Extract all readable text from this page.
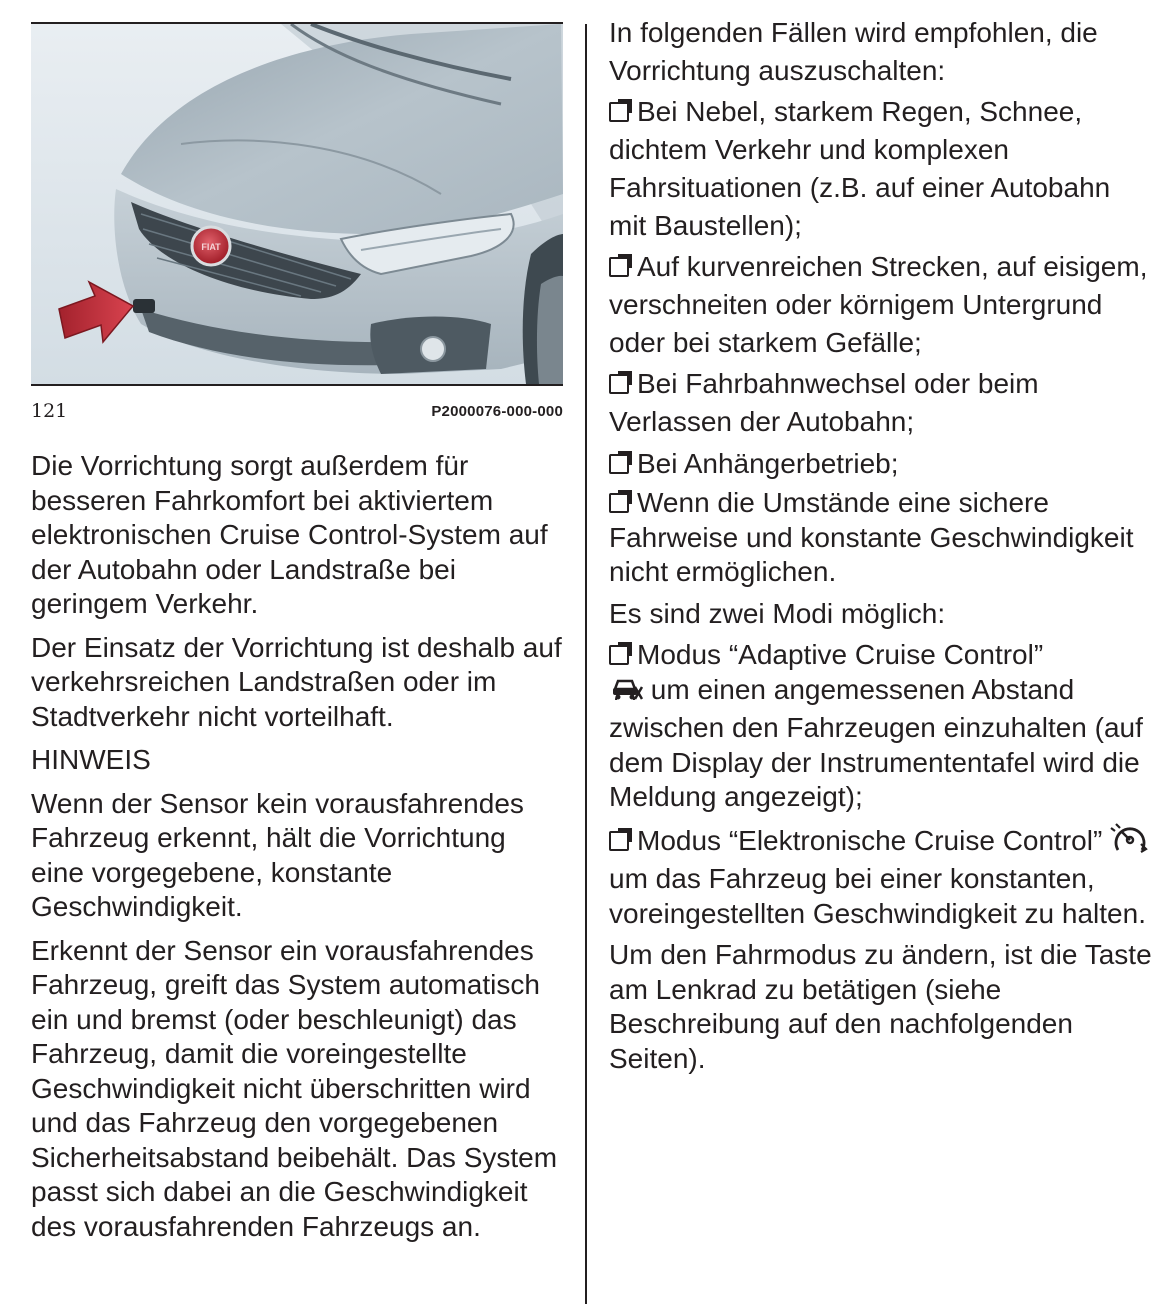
FIAT
121	P2000076-000-000

Die Vorrichtung sorgt außerdem für besseren Fahrkomfort bei aktiviertem elektronischen Cruise Control-System auf der Autobahn oder Landstraße bei geringem Verkehr.

Der Einsatz der Vorrichtung ist deshalb auf verkehrsreichen Landstraßen oder im Stadtverkehr nicht vorteilhaft.

HINWEIS

Wenn der Sensor kein vorausfahrendes Fahrzeug erkennt, hält die Vorrichtung eine vorgegebene, konstante Geschwindigkeit.

Erkennt der Sensor ein vorausfahrendes Fahrzeug, greift das System automatisch ein und bremst (oder beschleunigt) das Fahrzeug, damit die voreingestellte Geschwindigkeit nicht überschritten wird und das Fahrzeug den vorgegebenen Sicherheitsabstand beibehält. Das System passt sich dabei an die Geschwindigkeit des vorausfahrenden Fahrzeugs an.

In folgenden Fällen wird empfohlen, die Vorrichtung auszuschalten:

Bei Nebel, starkem Regen, Schnee, dichtem Verkehr und komplexen Fahrsituationen (z.B. auf einer Autobahn mit Baustellen);

Auf kurvenreichen Strecken, auf eisigem, verschneiten oder körnigem Untergrund oder bei starkem Gefälle;

Bei Fahrbahnwechsel oder beim Verlassen der Autobahn;

Bei Anhängerbetrieb;

Wenn die Umstände eine sichere Fahrweise und konstante Geschwindigkeit nicht ermöglichen.

Es sind zwei Modi möglich:

Modus “Adaptive Cruise Control”
um einen angemessenen Abstand zwischen den Fahrzeugen einzuhalten (auf dem Display der Instrumententafel wird die Meldung angezeigt);

Modus “Elektronische Cruise Control”  um das Fahrzeug bei einer konstanten, voreingestellten Geschwindigkeit zu halten.

Um den Fahrmodus zu ändern, ist die Taste am Lenkrad zu betätigen (siehe Beschreibung auf den nachfolgenden Seiten).
